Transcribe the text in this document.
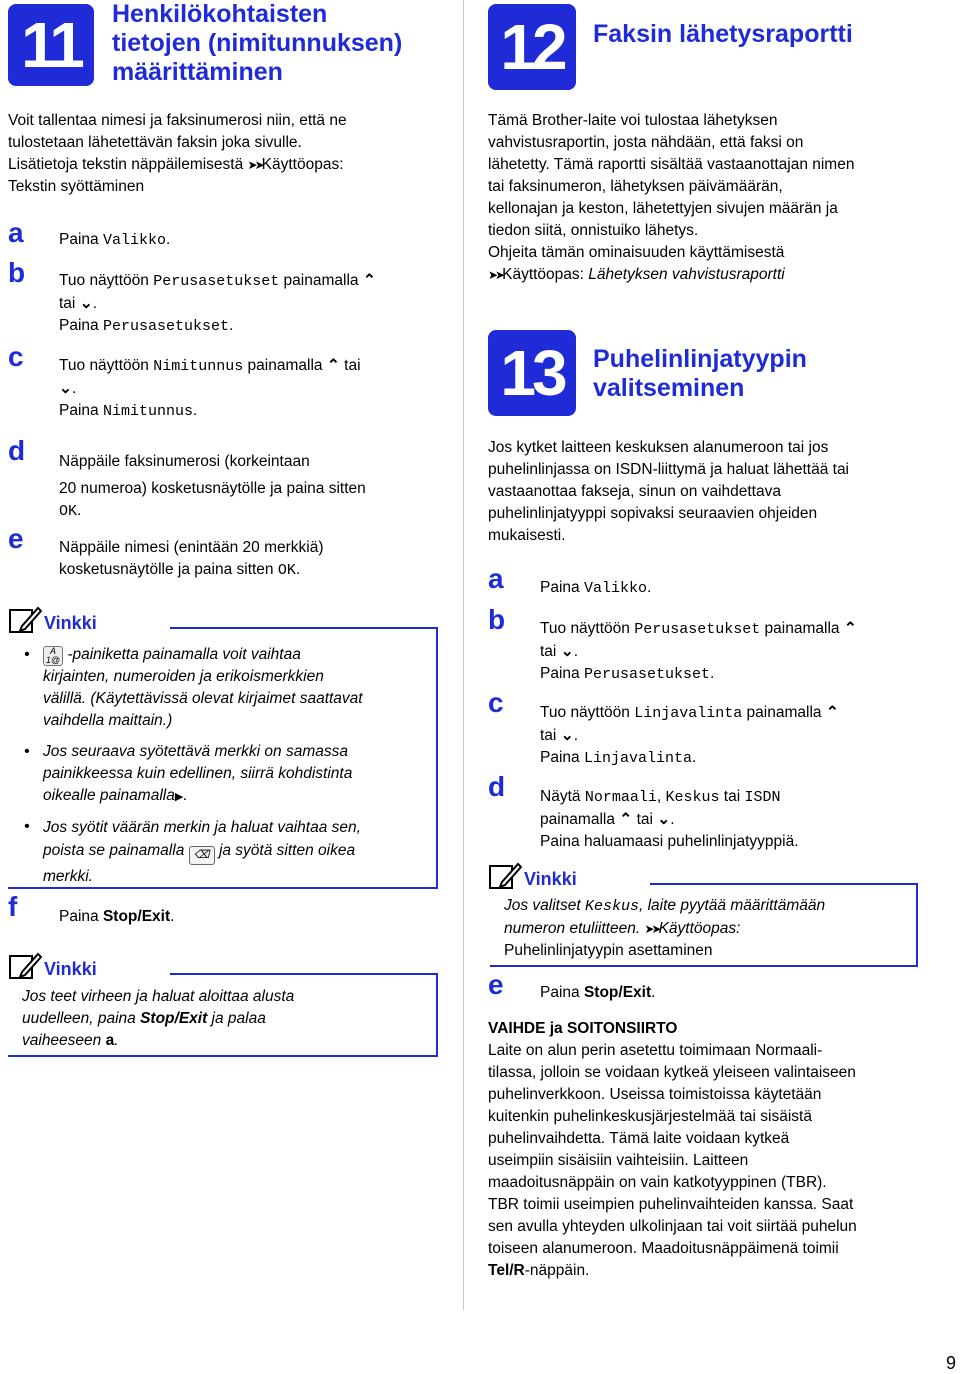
11	Henkilökohtaisten
tietojen (nimitunnuksen)
määrittäminen
Voit tallentaa nimesi ja faksinumerosi niin, että ne
tulostetaan lähetettävän faksin joka sivulle.
Lisätietoja tekstin näppäilemisestä ➤➤Käyttöopas:
Tekstin syöttäminen
a Paina Valikko.
b Tuo näyttöön Perusasetukset painamalla ⌃
tai ⌄.
Paina Perusasetukset.
c Tuo näyttöön Nimitunnus painamalla ⌃ tai
⌄.
Paina Nimitunnus.
d Näppäile faksinumerosi (korkeintaan
20 numeroa) kosketusnäytölle ja paina sitten
OK.
e Näppäile nimesi (enintään 20 merkkiä)
kosketusnäytölle ja paina sitten OK.
Vinkki
•	A
1@ -painiketta painamalla voit vaihtaa
kirjainten, numeroiden ja erikoismerkkien
välillä. (Käytettävissä olevat kirjaimet saattavat
vaihdella maittain.)
• Jos seuraava syötettävä merkki on samassa
painikkeessa kuin edellinen, siirrä kohdistinta
oikealle painamalla▶.
• Jos syötit väärän merkin ja haluat vaihtaa sen,
poista se painamalla ⌫ ja syötä sitten oikea
merkki.
f	Paina Stop/Exit.
Vinkki
Jos teet virheen ja haluat aloittaa alusta
uudelleen, paina Stop/Exit ja palaa
vaiheeseen a.
12	Faksin lähetysraportti
Tämä Brother-laite voi tulostaa lähetyksen
vahvistusraportin, josta nähdään, että faksi on
lähetetty. Tämä raportti sisältää vastaanottajan nimen
tai faksinumeron, lähetyksen päivämäärän,
kellonajan ja keston, lähetettyjen sivujen määrän ja
tiedon siitä, onnistuiko lähetys.
Ohjeita tämän ominaisuuden käyttämisestä
➤➤Käyttöopas: Lähetyksen vahvistusraportti
13	Puhelinlinjatyypin
valitseminen
Jos kytket laitteen keskuksen alanumeroon tai jos
puhelinlinjassa on ISDN-liittymä ja haluat lähettää tai
vastaanottaa fakseja, sinun on vaihdettava
puhelinlinjatyyppi sopivaksi seuraavien ohjeiden
mukaisesti.
a Paina Valikko.
b Tuo näyttöön Perusasetukset painamalla ⌃
tai ⌄.
Paina Perusasetukset.
c Tuo näyttöön Linjavalinta painamalla ⌃
tai ⌄.
Paina Linjavalinta.
d Näytä Normaali, Keskus tai ISDN
painamalla ⌃ tai ⌄.
Paina haluamaasi puhelinlinjatyyppiä.
Vinkki
Jos valitset Keskus, laite pyytää määrittämään
numeron etuliitteen. ➤➤Käyttöopas:
Puhelinlinjatyypin asettaminen
e Paina Stop/Exit.
VAIHDE ja SOITONSIIRTO
Laite on alun perin asetettu toimimaan Normaali-
tilassa, jolloin se voidaan kytkeä yleiseen valintaiseen
puhelinverkkoon. Useissa toimistoissa käytetään
kuitenkin puhelinkeskusjärjestelmää tai sisäistä
puhelinvaihdetta. Tämä laite voidaan kytkeä
useimpiin sisäisiin vaihteisiin. Laitteen
maadoitusnäppäin on vain katkotyyppinen (TBR).
TBR toimii useimpien puhelinvaihteiden kanssa. Saat
sen avulla yhteyden ulkolinjaan tai voit siirtää puhelun
toiseen alanumeroon. Maadoitusnäppäimenä toimii
Tel/R-näppäin.
9
